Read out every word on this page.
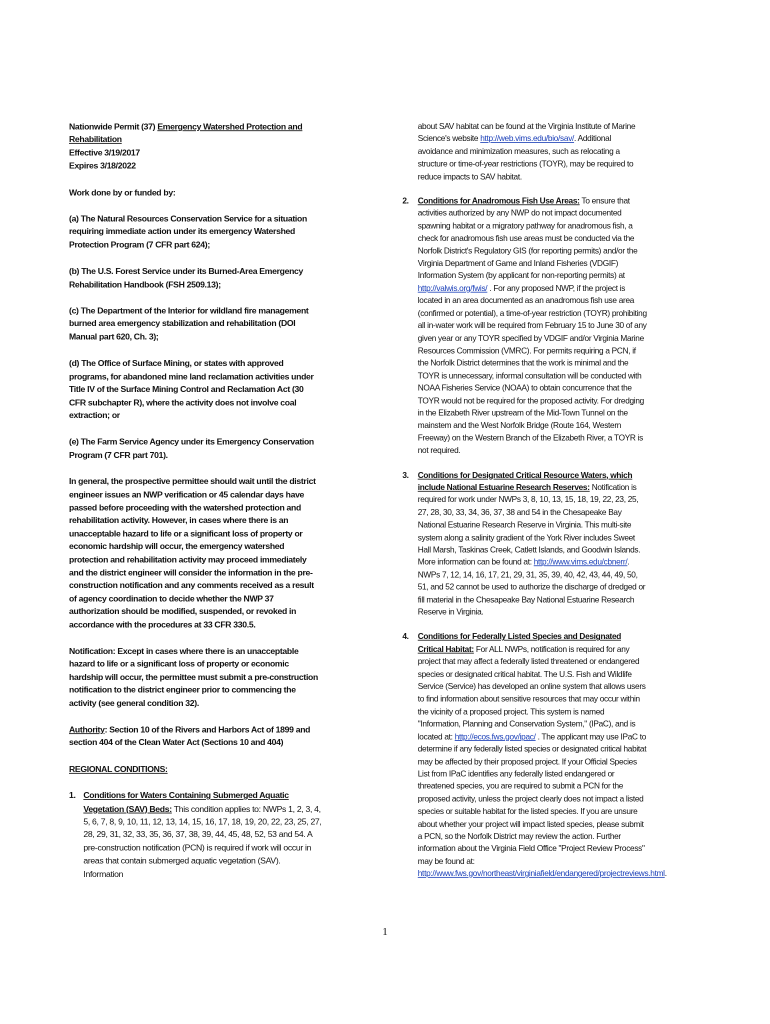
Nationwide Permit (37) Emergency Watershed Protection and Rehabilitation

Effective 3/19/2017

Expires 3/18/2022

Work done by or funded by:

(a) The Natural Resources Conservation Service for a situation requiring immediate action under its emergency Watershed Protection Program (7 CFR part 624);

(b) The U.S. Forest Service under its Burned-Area Emergency Rehabilitation Handbook (FSH 2509.13);

(c) The Department of the Interior for wildland fire management burned area emergency stabilization and rehabilitation (DOI Manual part 620, Ch. 3);

(d) The Office of Surface Mining, or states with approved programs, for abandoned mine land reclamation activities under Title IV of the Surface Mining Control and Reclamation Act (30 CFR subchapter R), where the activity does not involve coal extraction; or

(e) The Farm Service Agency under its Emergency Conservation Program (7 CFR part 701).

In general, the prospective permittee should wait until the district engineer issues an NWP verification or 45 calendar days have passed before proceeding with the watershed protection and rehabilitation activity. However, in cases where there is an unacceptable hazard to life or a significant loss of property or economic hardship will occur, the emergency watershed protection and rehabilitation activity may proceed immediately and the district engineer will consider the information in the pre-construction notification and any comments received as a result of agency coordination to decide whether the NWP 37 authorization should be modified, suspended, or revoked in accordance with the procedures at 33 CFR 330.5.

Notification: Except in cases where there is an unacceptable hazard to life or a significant loss of property or economic hardship will occur, the permittee must submit a pre-construction notification to the district engineer prior to commencing the activity (see general condition 32).

Authority: Section 10 of the Rivers and Harbors Act of 1899 and section 404 of the Clean Water Act (Sections 10 and 404)

REGIONAL CONDITIONS:

1. Conditions for Waters Containing Submerged Aquatic Vegetation (SAV) Beds: This condition applies to: NWPs 1, 2, 3, 4, 5, 6, 7, 8, 9, 10, 11, 12, 13, 14, 15, 16, 17, 18, 19, 20, 22, 23, 25, 27, 28, 29, 31, 32, 33, 35, 36, 37, 38, 39, 44, 45, 48, 52, 53 and 54. A pre-construction notification (PCN) is required if work will occur in areas that contain submerged aquatic vegetation (SAV). Information

about SAV habitat can be found at the Virginia Institute of Marine Science's website http://web.vims.edu/bio/sav/. Additional avoidance and minimization measures, such as relocating a structure or time-of-year restrictions (TOYR), may be required to reduce impacts to SAV habitat.

2. Conditions for Anadromous Fish Use Areas: To ensure that activities authorized by any NWP do not impact documented spawning habitat or a migratory pathway for anadromous fish, a check for anadromous fish use areas must be conducted via the Norfolk District's Regulatory GIS (for reporting permits) and/or the Virginia Department of Game and Inland Fisheries (VDGIF) Information System (by applicant for non-reporting permits) at http://valwis.org/fwis/ . For any proposed NWP, if the project is located in an area documented as an anadromous fish use area (confirmed or potential), a time-of-year restriction (TOYR) prohibiting all in-water work will be required from February 15 to June 30 of any given year or any TOYR specified by VDGIF and/or Virginia Marine Resources Commission (VMRC). For permits requiring a PCN, if the Norfolk District determines that the work is minimal and the TOYR is unnecessary, informal consultation will be conducted with NOAA Fisheries Service (NOAA) to obtain concurrence that the TOYR would not be required for the proposed activity. For dredging in the Elizabeth River upstream of the Mid-Town Tunnel on the mainstem and the West Norfolk Bridge (Route 164, Western Freeway) on the Western Branch of the Elizabeth River, a TOYR is not required.

3. Conditions for Designated Critical Resource Waters, which include National Estuarine Research Reserves: Notification is required for work under NWPs 3, 8, 10, 13, 15, 18, 19, 22, 23, 25, 27, 28, 30, 33, 34, 36, 37, 38 and 54 in the Chesapeake Bay National Estuarine Research Reserve in Virginia. This multi-site system along a salinity gradient of the York River includes Sweet Hall Marsh, Taskinas Creek, Catlett Islands, and Goodwin Islands. More information can be found at: http://www.vims.edu/cbnerr/. NWPs 7, 12, 14, 16, 17, 21, 29, 31, 35, 39, 40, 42, 43, 44, 49, 50, 51, and 52 cannot be used to authorize the discharge of dredged or fill material in the Chesapeake Bay National Estuarine Research Reserve in Virginia.

4. Conditions for Federally Listed Species and Designated Critical Habitat: For ALL NWPs, notification is required for any project that may affect a federally listed threatened or endangered species or designated critical habitat. The U.S. Fish and Wildlife Service (Service) has developed an online system that allows users to find information about sensitive resources that may occur within the vicinity of a proposed project. This system is named "Information, Planning and Conservation System," (IPaC), and is located at: http://ecos.fws.gov/ipac/ . The applicant may use IPaC to determine if any federally listed species or designated critical habitat may be affected by their proposed project. If your Official Species List from IPaC identifies any federally listed endangered or threatened species, you are required to submit a PCN for the proposed activity, unless the project clearly does not impact a listed species or suitable habitat for the listed species. If you are unsure about whether your project will impact listed species, please submit a PCN, so the Norfolk District may review the action. Further information about the Virginia Field Office "Project Review Process" may be found at: http://www.fws.gov/northeast/virginiafield/endangered/projectreviews.html.

1
